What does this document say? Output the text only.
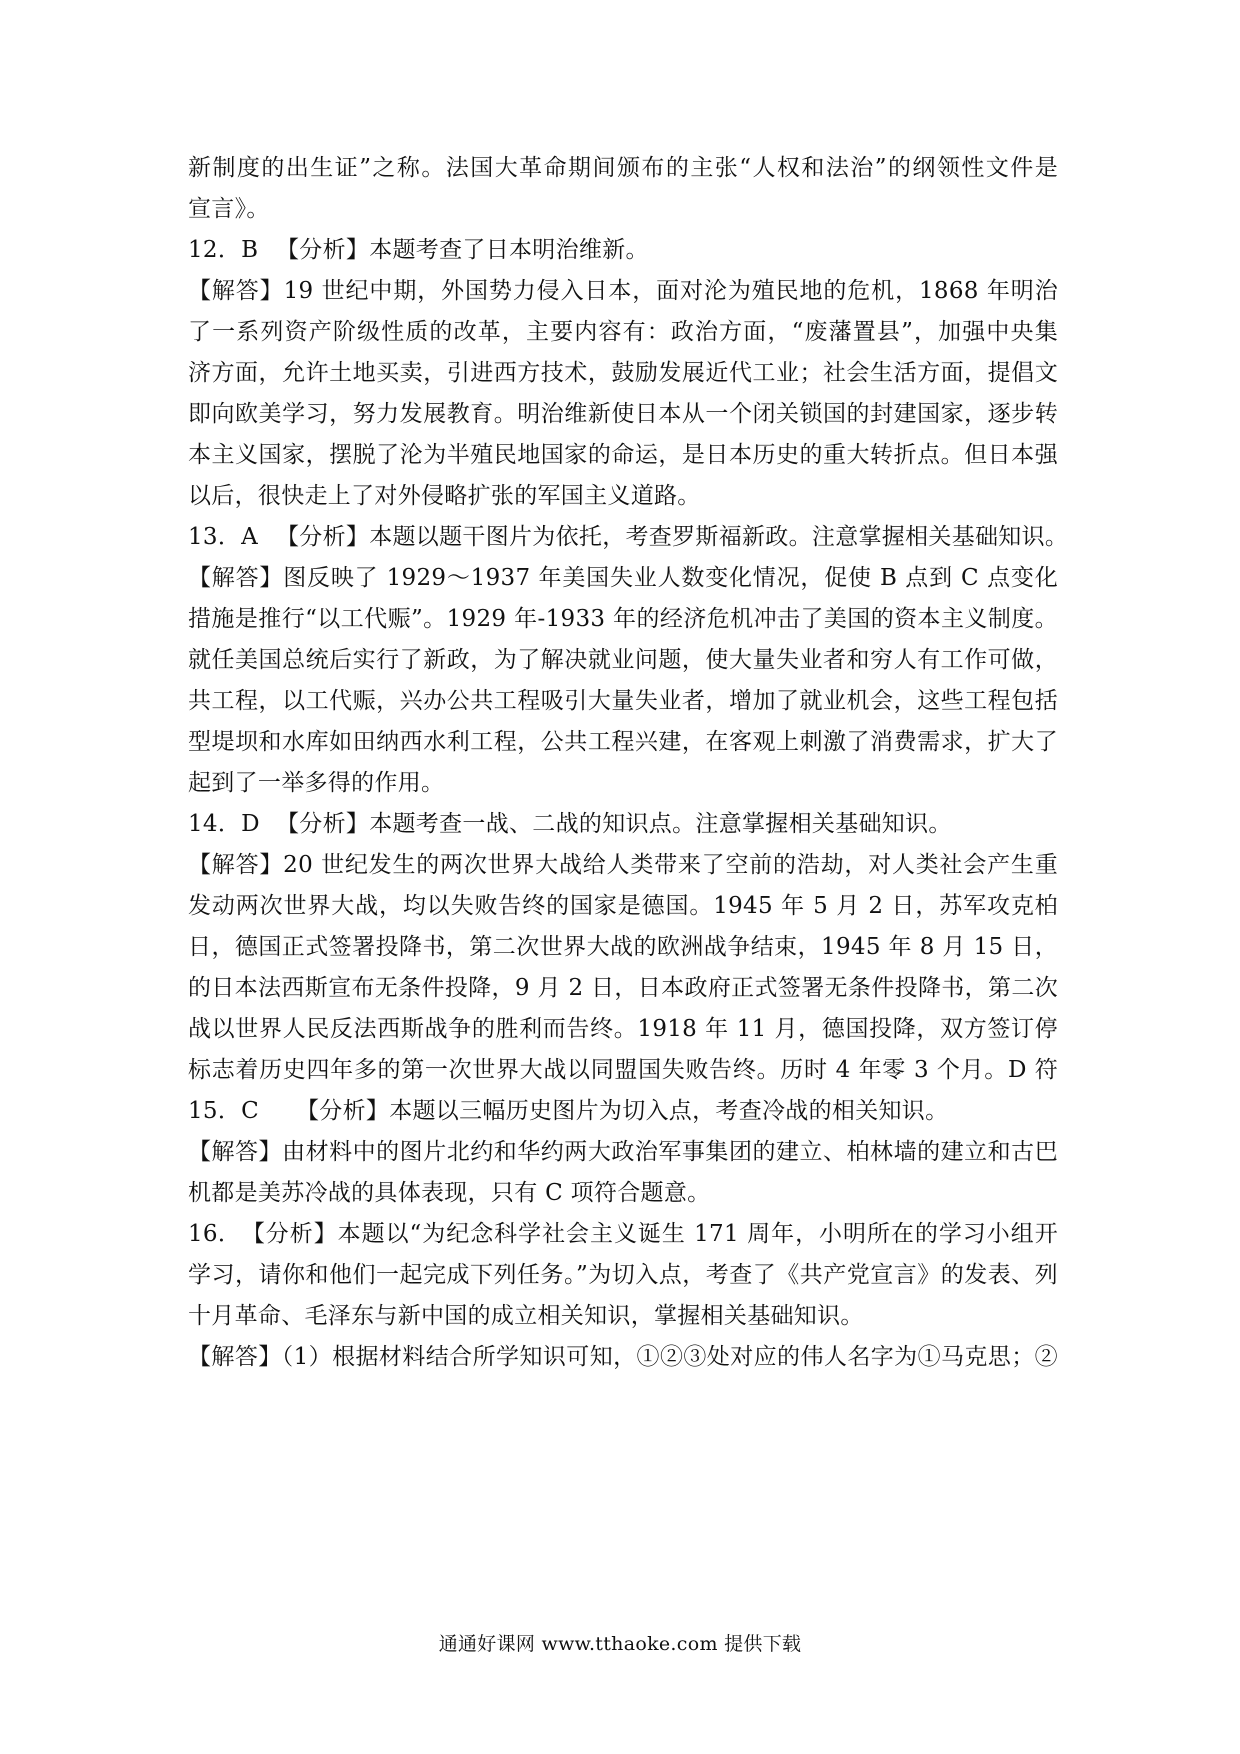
新制度的出生证”之称。法国大革命期间颁布的主张“人权和法治”的纲领性文件是
宣言》。
12．B 【分析】本题考查了日本明治维新。
【解答】19 世纪中期，外国势力侵入日本，面对沦为殖民地的危机，1868 年明治
了一系列资产阶级性质的改革，主要内容有：政治方面，“废藩置县”，加强中央集
济方面，允许土地买卖，引进西方技术，鼓励发展近代工业；社会生活方面，提倡文
即向欧美学习，努力发展教育。明治维新使日本从一个闭关锁国的封建国家，逐步转
本主义国家，摆脱了沦为半殖民地国家的命运，是日本历史的重大转折点。但日本强
以后，很快走上了对外侵略扩张的军国主义道路。
13．A 【分析】本题以题干图片为依托，考查罗斯福新政。注意掌握相关基础知识。
【解答】图反映了 1929～1937 年美国失业人数变化情况，促使 B 点到 C 点变化
措施是推行“以工代赈”。1929 年-1933 年的经济危机冲击了美国的资本主义制度。
就任美国总统后实行了新政，为了解决就业问题，使大量失业者和穷人有工作可做，
共工程，以工代赈，兴办公共工程吸引大量失业者，增加了就业机会，这些工程包括
型堤坝和水库如田纳西水利工程，公共工程兴建，在客观上刺激了消费需求，扩大了
起到了一举多得的作用。
14．D 【分析】本题考查一战、二战的知识点。注意掌握相关基础知识。
【解答】20 世纪发生的两次世界大战给人类带来了空前的浩劫，对人类社会产生重
发动两次世界大战，均以失败告终的国家是德国。1945 年 5 月 2 日，苏军攻克柏
日，德国正式签署投降书，第二次世界大战的欧洲战争结束，1945 年 8 月 15 日，
的日本法西斯宣布无条件投降，9 月 2 日，日本政府正式签署无条件投降书，第二次
战以世界人民反法西斯战争的胜利而告终。1918 年 11 月，德国投降，双方签订停
标志着历史四年多的第一次世界大战以同盟国失败告终。历时 4 年零 3 个月。D 符
15．C 【分析】本题以三幅历史图片为切入点，考查冷战的相关知识。
【解答】由材料中的图片北约和华约两大政治军事集团的建立、柏林墙的建立和古巴
机都是美苏冷战的具体表现，只有 C 项符合题意。
16．【分析】本题以“为纪念科学社会主义诞生 171 周年，小明所在的学习小组开
学习，请你和他们一起完成下列任务。”为切入点，考查了《共产党宣言》的发表、列
十月革命、毛泽东与新中国的成立相关知识，掌握相关基础知识。
【解答】（1）根据材料结合所学知识可知，①②③处对应的伟人名字为①马克思；②
通通好课网 www.tthaoke.com 提供下载
